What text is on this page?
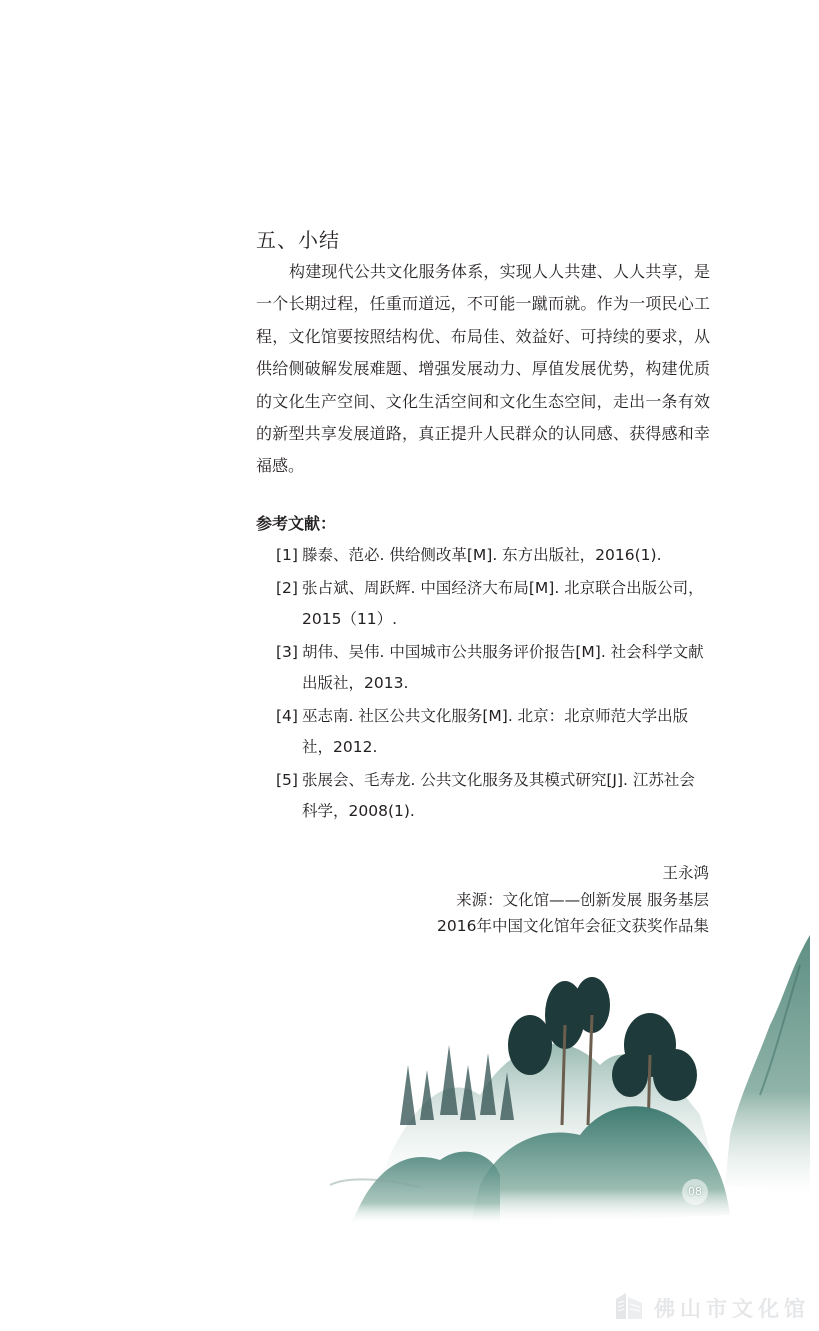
五、小结

构建现代公共文化服务体系，实现人人共建、人人共享，是一个长期过程，任重而道远，不可能一蹴而就。作为一项民心工程，文化馆要按照结构优、布局佳、效益好、可持续的要求，从供给侧破解发展难题、增强发展动力、厚值发展优势，构建优质的文化生产空间、文化生活空间和文化生态空间，走出一条有效的新型共享发展道路，真正提升人民群众的认同感、获得感和幸福感。

参考文献：
[1] 滕泰、范必. 供给侧改革[M]. 东方出版社，2016(1).
[2] 张占斌、周跃辉. 中国经济大布局[M]. 北京联合出版公司，2015（11）.
[3] 胡伟、吴伟. 中国城市公共服务评价报告[M]. 社会科学文献出版社，2013.
[4] 巫志南. 社区公共文化服务[M]. 北京：北京师范大学出版社，2012.
[5] 张展会、毛寿龙. 公共文化服务及其模式研究[J]. 江苏社会科学，2008(1).
王永鸿
来源：文化馆——创新发展 服务基层
2016年中国文化馆年会征文获奖作品集
08
佛山市文化馆
